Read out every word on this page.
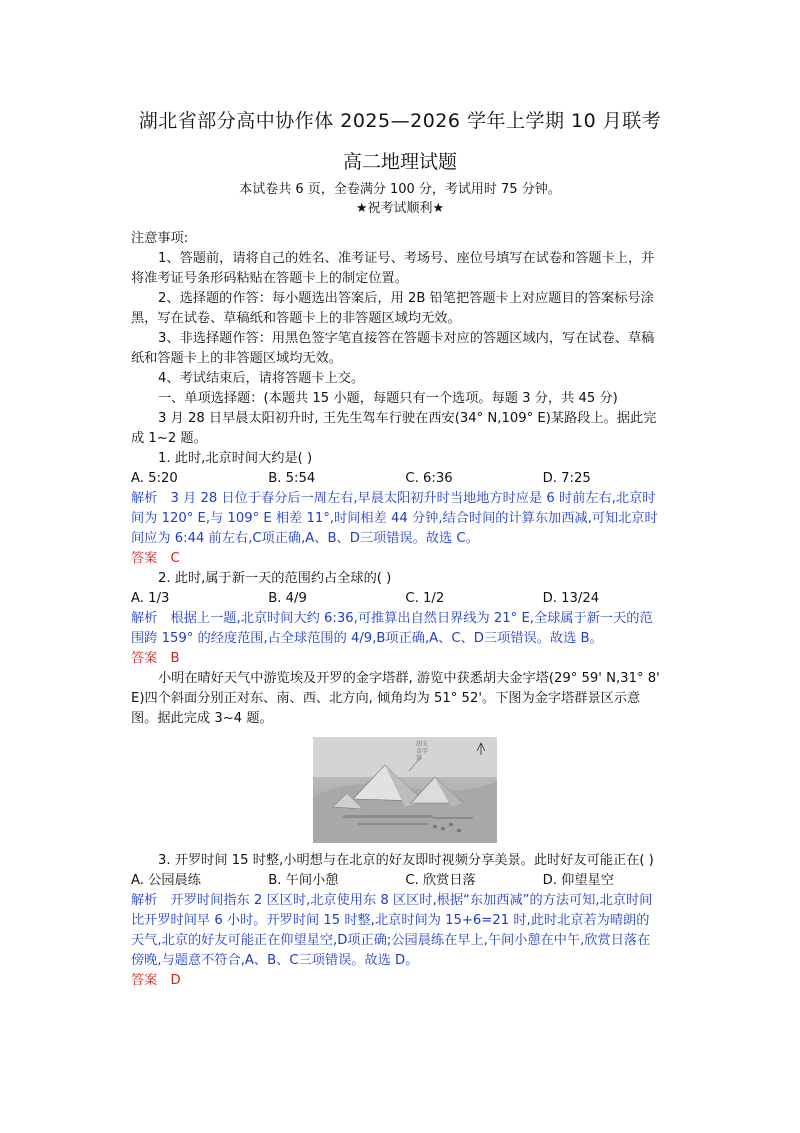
湖北省部分高中协作体 2025—2026 学年上学期 10 月联考
高二地理试题
本试卷共 6 页，全卷满分 100 分，考试用时 75 分钟。
★祝考试顺利★

注意事项:

1、答题前，请将自己的姓名、准考证号、考场号、座位号填写在试卷和答题卡上，并将准考证号条形码粘贴在答题卡上的制定位置。

2、选择题的作答：每小题选出答案后，用 2B 铅笔把答题卡上对应题目的答案标号涂黑，写在试卷、草稿纸和答题卡上的非答题区域均无效。

3、非选择题作答：用黑色签字笔直接答在答题卡对应的答题区域内，写在试卷、草稿纸和答题卡上的非答题区域均无效。

4、考试结束后，请将答题卡上交。

一、单项选择题：(本题共 15 小题，每题只有一个选项。每题 3 分，共 45 分)

3 月 28 日早晨太阳初升时, 王先生驾车行驶在西安(34° N,109° E)某路段上。据此完成 1~2 题。

1. 此时,北京时间大约是( )

A. 5:20	B. 5:54	C. 6:36	D. 7:25

解析　3 月 28 日位于春分后一周左右,早晨太阳初升时当地地方时应是 6 时前左右,北京时间为 120° E,与 109° E 相差 11°,时间相差 44 分钟,结合时间的计算东加西减,可知北京时间应为 6:44 前左右,C项正确,A、B、D三项错误。故选 C。

答案　C

2. 此时,属于新一天的范围约占全球的( )

A. 1/3	B. 4/9	C. 1/2	D. 13/24

解析　根据上一题,北京时间大约 6:36,可推算出自然日界线为 21° E,全球属于新一天的范围跨 159° 的经度范围,占全球范围的 4/9,B项正确,A、C、D三项错误。故选 B。

答案　B

小明在晴好天气中游览埃及开罗的金字塔群, 游览中获悉胡夫金字塔(29° 59' N,31° 8' E)四个斜面分别正对东、南、西、北方向, 倾角均为 51° 52'。下图为金字塔群景区示意图。据此完成 3~4 题。

胡夫金字塔

3. 开罗时间 15 时整,小明想与在北京的好友即时视频分享美景。此时好友可能正在( )

A. 公园晨练	B. 午间小憩	C. 欣赏日落	D. 仰望星空

解析　开罗时间指东 2 区区时,北京使用东 8 区区时,根据“东加西减”的方法可知,北京时间比开罗时间早 6 小时。开罗时间 15 时整,北京时间为 15+6=21 时,此时北京若为晴朗的天气,北京的好友可能正在仰望星空,D项正确;公园晨练在早上,午间小憩在中午,欣赏日落在傍晚,与题意不符合,A、B、C三项错误。故选 D。

答案　D
